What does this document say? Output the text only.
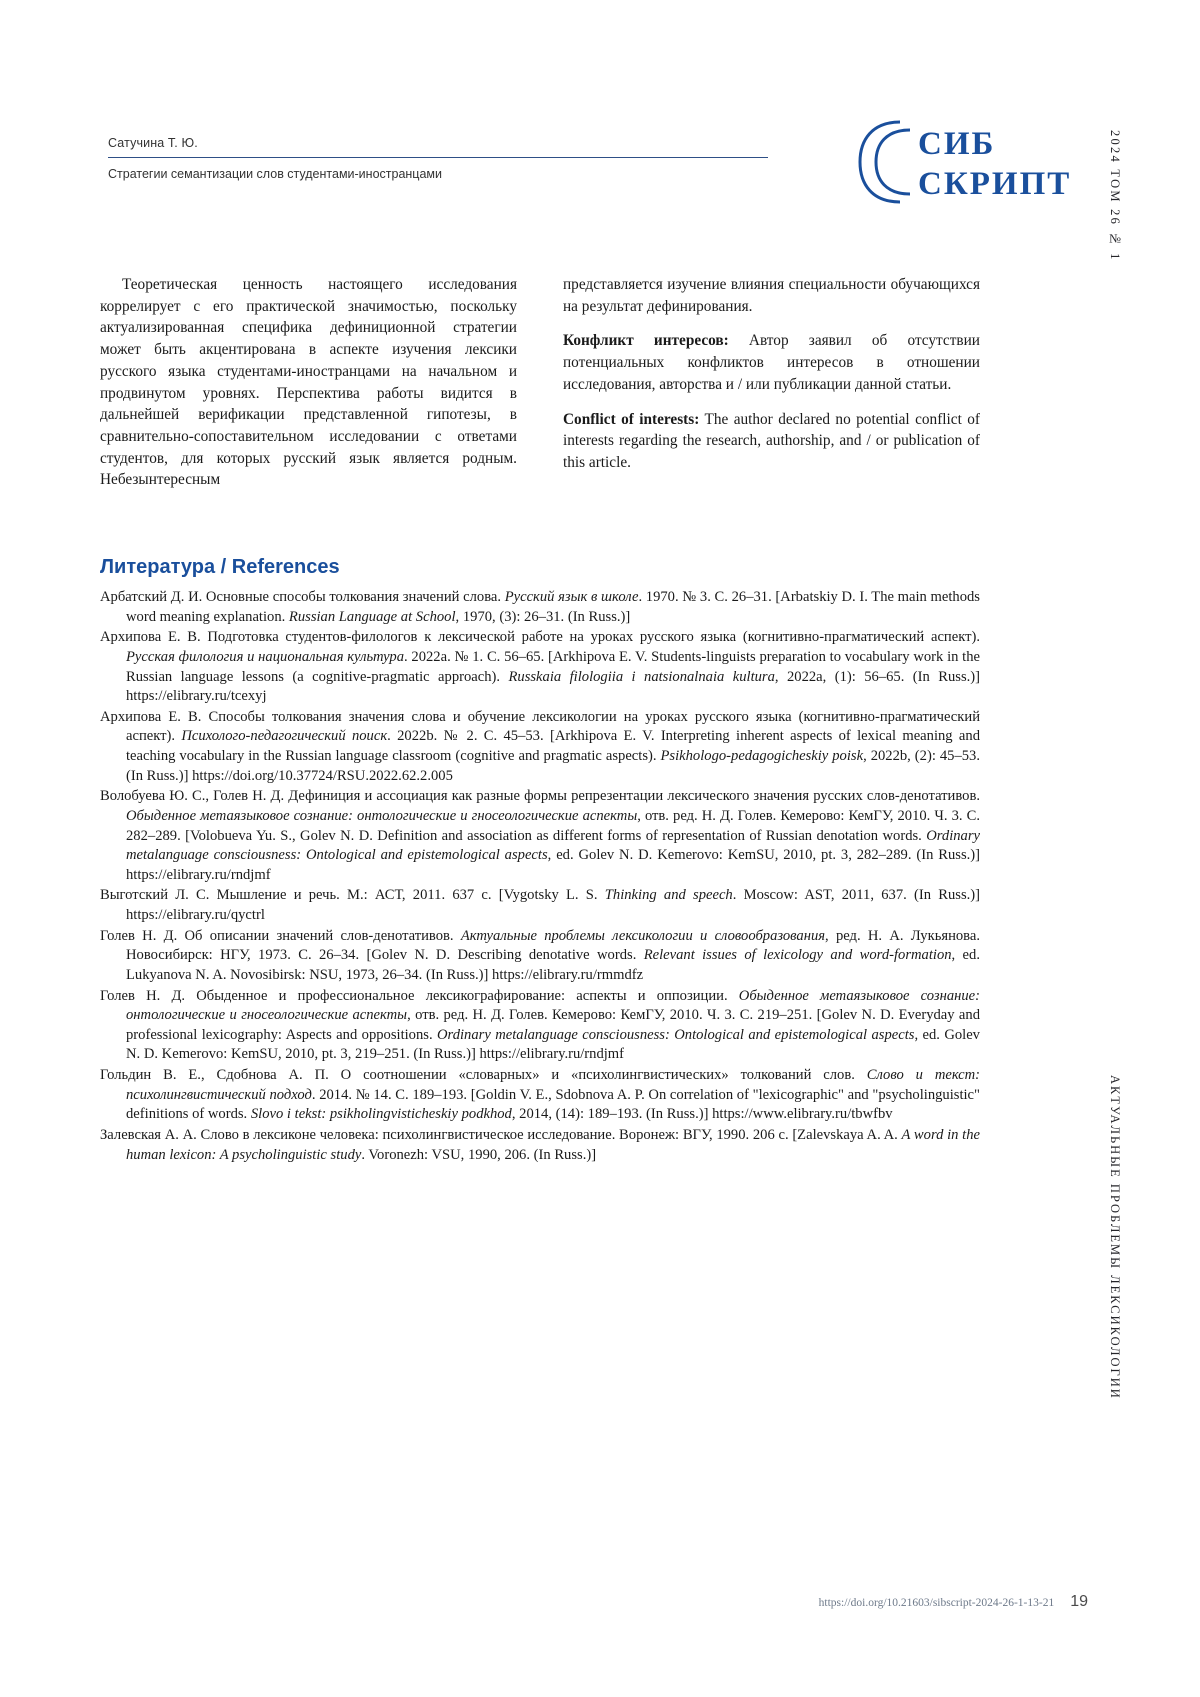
Сатучина Т. Ю.
Стратегии семантизации слов студентами-иностранцами
СИБ
СКРИПТ	2024 ТОМ 26 № 1
АКТУАЛЬНЫЕ ПРОБЛЕМЫ ЛЕКСИКОЛОГИИ

Теоретическая ценность настоящего исследования коррелирует с его практической значимостью, поскольку актуализированная специфика дефиниционной стратегии может быть акцентирована в аспекте изучения лексики русского языка студентами-иностранцами на начальном и продвинутом уровнях. Перспектива работы видится в дальнейшей верификации представленной гипотезы, в сравнительно-сопоставительном исследовании с ответами студентов, для которых русский язык является родным. Небезынтересным

представляется изучение влияния специальности обучающихся на результат дефинирования.

Конфликт интересов: Автор заявил об отсутствии потенциальных конфликтов интересов в отношении исследования, авторства и / или публикации данной статьи.

Conflict of interests: The author declared no potential conflict of interests regarding the research, authorship, and / or publication of this article.

Литература / References
Арбатский Д. И. Основные способы толкования значений слова. Русский язык в школе. 1970. № 3. С. 26–31. [Arbatskiy D. I. The main methods word meaning explanation. Russian Language at School, 1970, (3): 26–31. (In Russ.)]
Архипова Е. В. Подготовка студентов-филологов к лексической работе на уроках русского языка (когнитивно-прагматический аспект). Русская филология и национальная культура. 2022a. № 1. С. 56–65. [Arkhipova E. V. Students-linguists preparation to vocabulary work in the Russian language lessons (a cognitive-pragmatic approach). Russkaia filologiia i natsionalnaia kultura, 2022a, (1): 56–65. (In Russ.)] https://elibrary.ru/tcexyj
Архипова Е. В. Способы толкования значения слова и обучение лексикологии на уроках русского языка (когнитивно-прагматический аспект). Психолого-педагогический поиск. 2022b. № 2. С. 45–53. [Arkhipova E. V. Interpreting inherent aspects of lexical meaning and teaching vocabulary in the Russian language classroom (cognitive and pragmatic aspects). Psikhologo-pedagogicheskiy poisk, 2022b, (2): 45–53. (In Russ.)] https://doi.org/10.37724/RSU.2022.62.2.005
Волобуева Ю. С., Голев Н. Д. Дефиниция и ассоциация как разные формы репрезентации лексического значения русских слов-денотативов. Обыденное метаязыковое сознание: онтологические и гносеологические аспекты, отв. ред. Н. Д. Голев. Кемерово: КемГУ, 2010. Ч. 3. С. 282–289. [Volobueva Yu. S., Golev N. D. Definition and association as different forms of representation of Russian denotation words. Ordinary metalanguage consciousness: Ontological and epistemological aspects, ed. Golev N. D. Kemerovo: KemSU, 2010, pt. 3, 282–289. (In Russ.)] https://elibrary.ru/rndjmf
Выготский Л. С. Мышление и речь. М.: АСТ, 2011. 637 с. [Vygotsky L. S. Thinking and speech. Moscow: AST, 2011, 637. (In Russ.)] https://elibrary.ru/qyctrl
Голев Н. Д. Об описании значений слов-денотативов. Актуальные проблемы лексикологии и словообразования, ред. Н. А. Лукьянова. Новосибирск: НГУ, 1973. С. 26–34. [Golev N. D. Describing denotative words. Relevant issues of lexicology and word-formation, ed. Lukyanova N. A. Novosibirsk: NSU, 1973, 26–34. (In Russ.)] https://elibrary.ru/rmmdfz
Голев Н. Д. Обыденное и профессиональное лексикографирование: аспекты и оппозиции. Обыденное метаязыковое сознание: онтологические и гносеологические аспекты, отв. ред. Н. Д. Голев. Кемерово: КемГУ, 2010. Ч. 3. С. 219–251. [Golev N. D. Everyday and professional lexicography: Aspects and oppositions. Ordinary metalanguage consciousness: Ontological and epistemological aspects, ed. Golev N. D. Kemerovo: KemSU, 2010, pt. 3, 219–251. (In Russ.)] https://elibrary.ru/rndjmf
Гольдин В. Е., Сдобнова А. П. О соотношении «словарных» и «психолингвистических» толкований слов. Слово и текст: психолингвистический подход. 2014. № 14. С. 189–193. [Goldin V. E., Sdobnova A. P. On correlation of "lexicographic" and "psycholinguistic" definitions of words. Slovo i tekst: psikholingvisticheskiy podkhod, 2014, (14): 189–193. (In Russ.)] https://www.elibrary.ru/tbwfbv
Залевская А. А. Слово в лексиконе человека: психолингвистическое исследование. Воронеж: ВГУ, 1990. 206 с. [Zalevskaya A. A. A word in the human lexicon: A psycholinguistic study. Voronezh: VSU, 1990, 206. (In Russ.)]
https://doi.org/10.21603/sibscript-2024-26-1-13-21 19
